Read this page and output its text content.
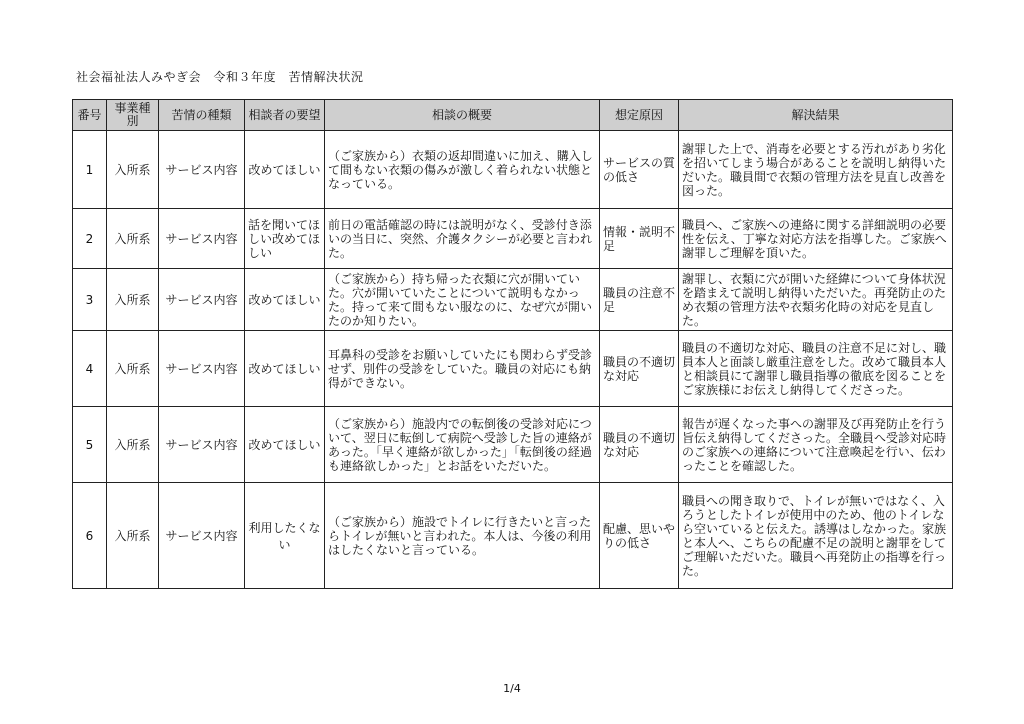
社会福祉法人みやぎ会　令和３年度　苦情解決状況
番号	事業種別	苦情の種類	相談者の要望	相談の概要	想定原因	解決結果
1	入所系	サービス内容	改めてほしい	（ご家族から）衣類の返却間違いに加え、購入して間もない衣類の傷みが激しく着られない状態となっている。	サービスの質の低さ	謝罪した上で、消毒を必要とする汚れがあり劣化を招いてしまう場合があることを説明し納得いただいた。職員間で衣類の管理方法を見直し改善を図った。
2	入所系	サービス内容	話を聞いてほしい改めてほしい	前日の電話確認の時には説明がなく、受診付き添いの当日に、突然、介護タクシーが必要と言われた。	情報・説明不足	職員へ、ご家族への連絡に関する詳細説明の必要性を伝え、丁寧な対応方法を指導した。ご家族へ謝罪しご理解を頂いた。
3	入所系	サービス内容	改めてほしい	（ご家族から）持ち帰った衣類に穴が開いていた。穴が開いていたことについて説明もなかった。持って来て間もない服なのに、なぜ穴が開いたのか知りたい。	職員の注意不足	謝罪し、衣類に穴が開いた経緯について身体状況を踏まえて説明し納得いただいた。再発防止のため衣類の管理方法や衣類劣化時の対応を見直した。
4	入所系	サービス内容	改めてほしい	耳鼻科の受診をお願いしていたにも関わらず受診せず、別件の受診をしていた。職員の対応にも納得ができない。	職員の不適切な対応	職員の不適切な対応、職員の注意不足に対し、職員本人と面談し厳重注意をした。改めて職員本人と相談員にて謝罪し職員指導の徹底を図ることをご家族様にお伝えし納得してくださった。
5	入所系	サービス内容	改めてほしい	（ご家族から）施設内での転倒後の受診対応について、翌日に転倒して病院へ受診した旨の連絡があった。「早く連絡が欲しかった」「転倒後の経過も連絡欲しかった」とお話をいただいた。	職員の不適切な対応	報告が遅くなった事への謝罪及び再発防止を行う旨伝え納得してくださった。全職員へ受診対応時のご家族への連絡について注意喚起を行い、伝わったことを確認した。
6	入所系	サービス内容	利用したくない	（ご家族から）施設でトイレに行きたいと言ったらトイレが無いと言われた。本人は、今後の利用はしたくないと言っている。	配慮、思いやりの低さ	職員への聞き取りで、トイレが無いではなく、入ろうとしたトイレが使用中のため、他のトイレなら空いていると伝えた。誘導はしなかった。家族と本人へ、こちらの配慮不足の説明と謝罪をしてご理解いただいた。職員へ再発防止の指導を行った。
1/4
